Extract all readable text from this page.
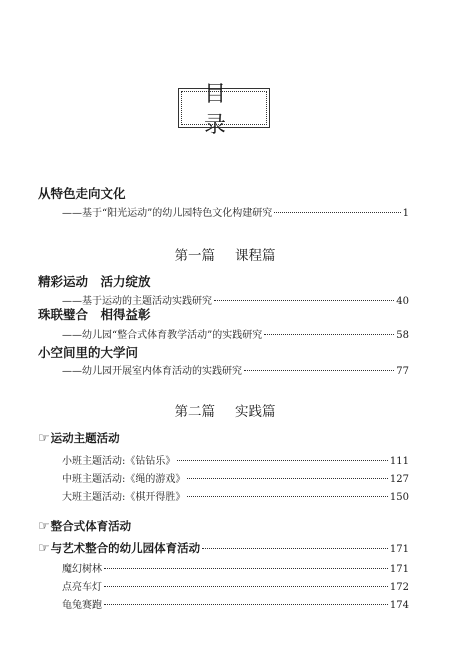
目 录
从特色走向文化
——基于“阳光运动”的幼儿园特色文化构建研究	1
第一篇 课程篇
精彩运动　活力绽放
——基于运动的主题活动实践研究	40
珠联璧合　相得益彰
——幼儿园“整合式体育教学活动”的实践研究	58
小空间里的大学问
——幼儿园开展室内体育活动的实践研究	77
第二篇 实践篇
☞ 运动主题活动
小班主题活动:《钻钻乐》	111
中班主题活动:《绳的游戏》	127
大班主题活动:《棋开得胜》	150
☞ 整合式体育活动
☞ 与艺术整合的幼儿园体育活动	171
魔幻树林	171
点亮车灯	172
龟兔赛跑	174
